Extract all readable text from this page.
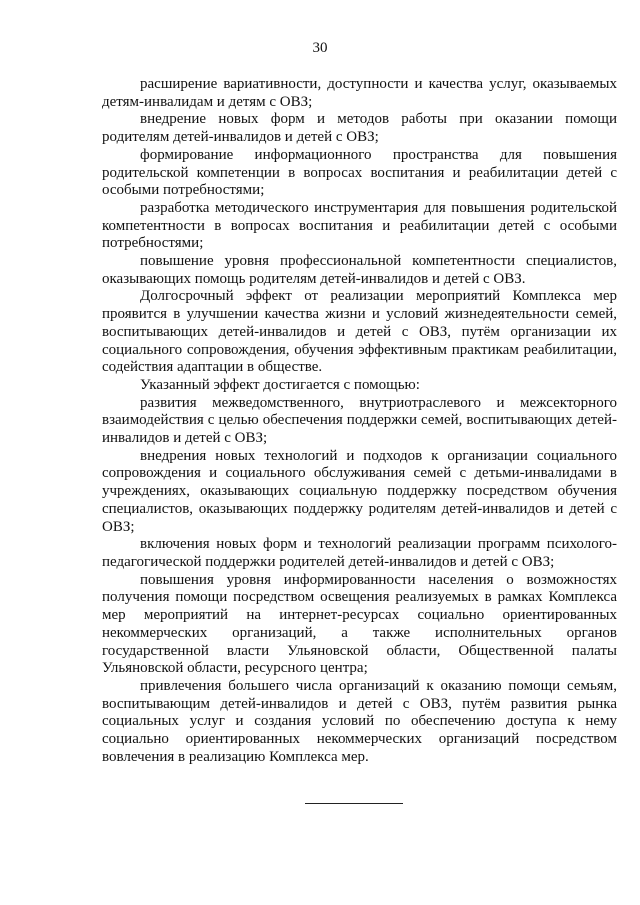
30

расширение вариативности, доступности и качества услуг, оказываемых детям-инвалидам и детям с ОВЗ;

внедрение новых форм и методов работы при оказании помощи родителям детей-инвалидов и детей с ОВЗ;

формирование информационного пространства для повышения родительской компетенции в вопросах воспитания и реабилитации детей с особыми потребностями;

разработка методического инструментария для повышения родительской компетентности в вопросах воспитания и реабилитации детей с особыми потребностями;

повышение уровня профессиональной компетентности специалистов, оказывающих помощь родителям детей-инвалидов и детей с ОВЗ.

Долгосрочный эффект от реализации мероприятий Комплекса мер проявится в улучшении качества жизни и условий жизнедеятельности семей, воспитывающих детей-инвалидов и детей с ОВЗ, путём организации их социального сопровождения, обучения эффективным практикам реабилитации, содействия адаптации в обществе.

Указанный эффект достигается с помощью:

развития межведомственного, внутриотраслевого и межсекторного взаимодействия с целью обеспечения поддержки семей, воспитывающих детей-инвалидов и детей с ОВЗ;

внедрения новых технологий и подходов к организации социального сопровождения и социального обслуживания семей с детьми-инвалидами в учреждениях, оказывающих социальную поддержку посредством обучения специалистов, оказывающих поддержку родителям детей-инвалидов и детей с ОВЗ;

включения новых форм и технологий реализации программ психолого-педагогической поддержки родителей детей-инвалидов и детей с ОВЗ;

повышения уровня информированности населения о возможностях получения помощи посредством освещения реализуемых в рамках Комплекса мер мероприятий на интернет-ресурсах социально ориентированных некоммерческих организаций, а также исполнительных органов государственной власти Ульяновской области, Общественной палаты Ульяновской области, ресурсного центра;

привлечения большего числа организаций к оказанию помощи семьям, воспитывающим детей-инвалидов и детей с ОВЗ, путём развития рынка социальных услуг и создания условий по обеспечению доступа к нему социально ориентированных некоммерческих организаций посредством вовлечения в реализацию Комплекса мер.
